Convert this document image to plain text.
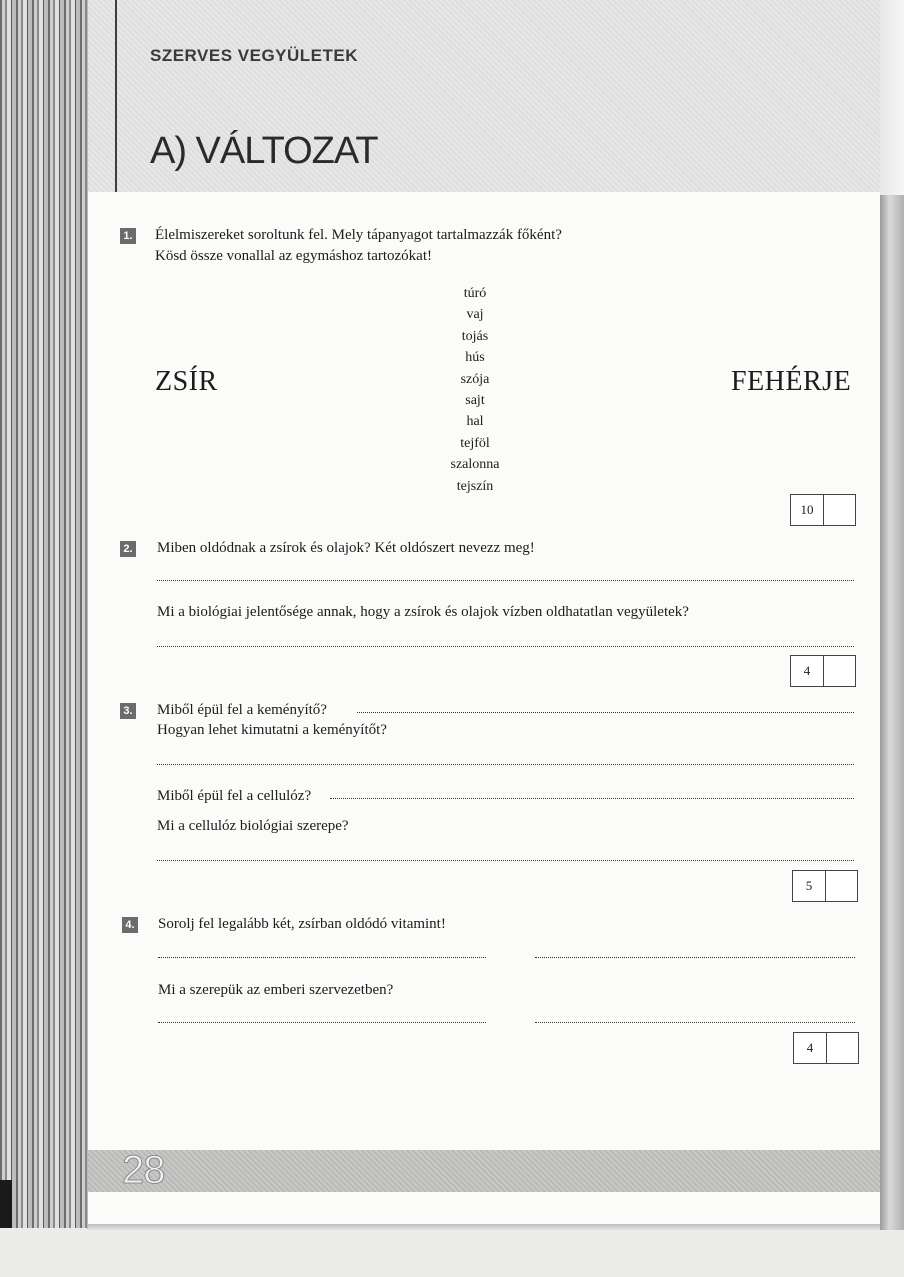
SZERVES VEGYÜLETEK
A) VÁLTOZAT
1. Élelmiszereket soroltunk fel. Mely tápanyagot tartalmazzák főként?
Kösd össze vonallal az egymáshoz tartozókat!
ZSÍR	FEHÉRJE
túró
vaj
tojás
hús
szója
sajt
hal
tejföl
szalonna
tejszín
10
2. Miben oldódnak a zsírok és olajok? Két oldószert nevezz meg!
Mi a biológiai jelentősége annak, hogy a zsírok és olajok vízben oldhatatlan vegyületek?
4
3. Miből épül fel a keményítő?
Hogyan lehet kimutatni a keményítőt?
Miből épül fel a cellulóz?
Mi a cellulóz biológiai szerepe?
5
4. Sorolj fel legalább két, zsírban oldódó vitamint!
Mi a szerepük az emberi szervezetben?
4
28
